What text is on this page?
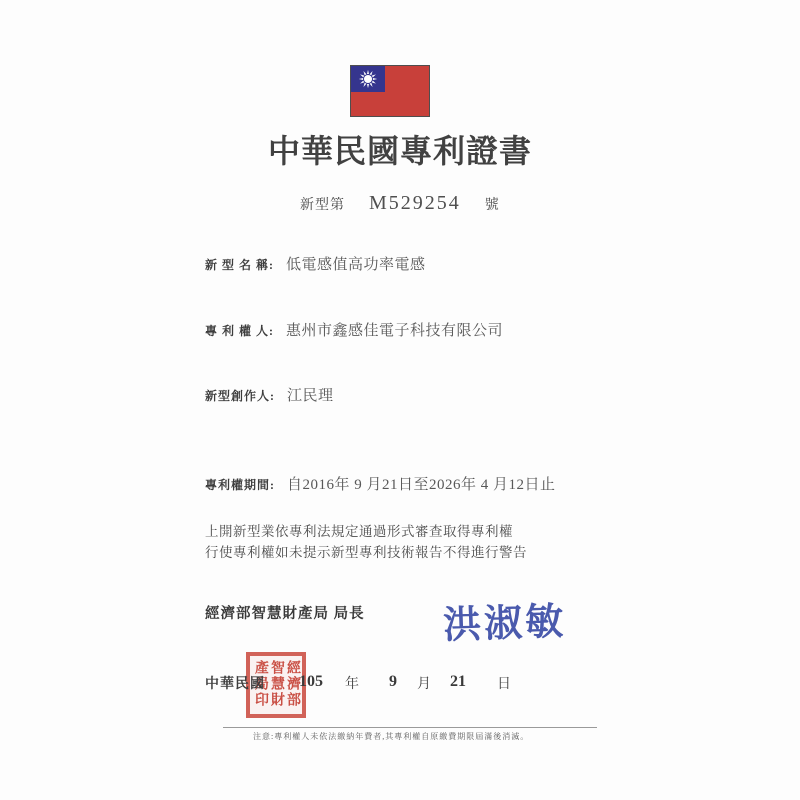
中華民國專利證書
新型第 M529254 號
新 型 名 稱: 低電感值高功率電感
專 利 權 人: 惠州市鑫感佳電子科技有限公司
新型創作人: 江民理
專利權期間: 自2016年 9 月21日至2026年 4 月12日止
上開新型業依專利法規定通過形式審查取得專利權
行使專利權如未提示新型專利技術報告不得進行警告
經濟部智慧財產局 局長 洪淑敏
經濟部智慧財產局印
中華民國 105 年 9 月 21 日
注意:專利權人未依法繳納年費者,其專利權自原繳費期限屆滿後消滅。
